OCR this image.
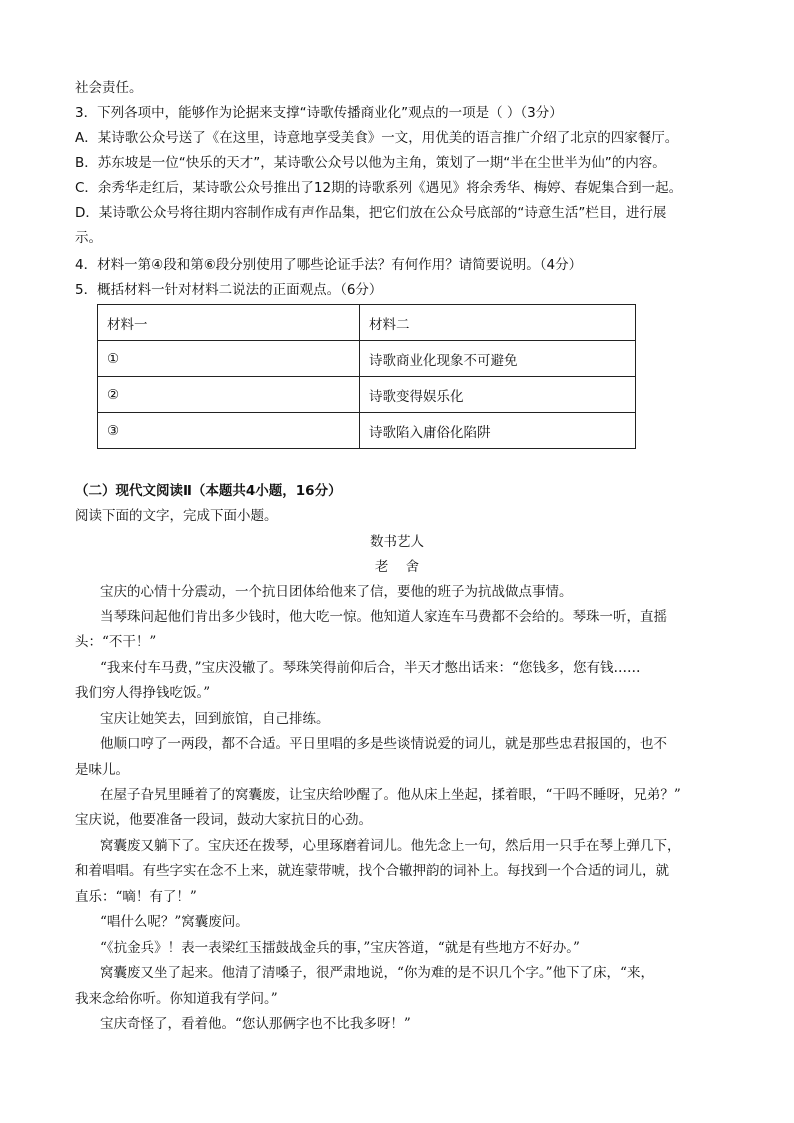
社会责任。
3．下列各项中，能够作为论据来支撑“诗歌传播商业化”观点的一项是（ ）（3分）
A．某诗歌公众号送了《在这里，诗意地享受美食》一文，用优美的语言推广介绍了北京的四家餐厅。
B．苏东坡是一位“快乐的天才”，某诗歌公众号以他为主角，策划了一期“半在尘世半为仙”的内容。
C．余秀华走红后，某诗歌公众号推出了12期的诗歌系列《遇见》将余秀华、梅婷、春妮集合到一起。
D．某诗歌公众号将往期内容制作成有声作品集，把它们放在公众号底部的“诗意生活”栏目，进行展
示。
4．材料一第④段和第⑥段分别使用了哪些论证手法？有何作用？请简要说明。（4分）
5．概括材料一针对材料二说法的正面观点。（6分）
材料一	材料二
①	诗歌商业化现象不可避免
②	诗歌变得娱乐化
③	诗歌陷入庸俗化陷阱
（二）现代文阅读Ⅱ（本题共4小题，16分）
阅读下面的文字，完成下面小题。
数书艺人
老    舍
宝庆的心情十分震动，一个抗日团体给他来了信，要他的班子为抗战做点事情。
当琴珠问起他们肯出多少钱时，他大吃一惊。他知道人家连车马费都不会给的。琴珠一听，直摇
头：“不干！”
“我来付车马费，”宝庆没辙了。琴珠笑得前仰后合，半天才憋出话来：“您钱多，您有钱……
我们穷人得挣钱吃饭。”
宝庆让她笑去，回到旅馆，自己排练。
他顺口哼了一两段，都不合适。平日里唱的多是些谈情说爱的词儿，就是那些忠君报国的，也不
是味儿。
在屋子旮旯里睡着了的窝囊废，让宝庆给吵醒了。他从床上坐起，揉着眼，“干吗不睡呀，兄弟？”
宝庆说，他要准备一段词，鼓动大家抗日的心劲。
窝囊废又躺下了。宝庆还在拨琴，心里琢磨着词儿。他先念上一句，然后用一只手在琴上弹几下，
和着唱唱。有些字实在念不上来，就连蒙带唬，找个合辙押韵的词补上。每找到一个合适的词儿，就
直乐：“嘀！有了！”
“唱什么呢？”窝囊废问。
“《抗金兵》！表一表梁红玉擂鼓战金兵的事，”宝庆答道，“就是有些地方不好办。”
窝囊废又坐了起来。他清了清嗓子，很严肃地说，“你为难的是不识几个字。”他下了床，“来，
我来念给你听。你知道我有学问。”
宝庆奇怪了，看着他。“您认那俩字也不比我多呀！”
